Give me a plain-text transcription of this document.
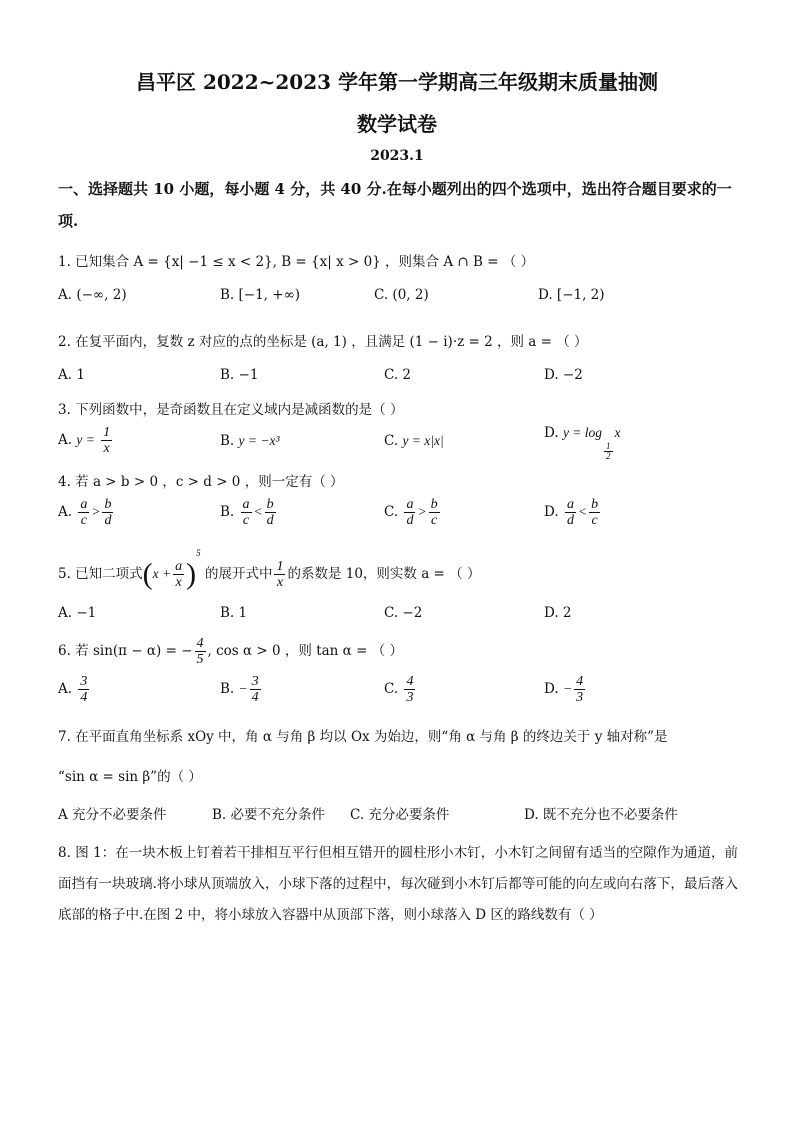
昌平区 2022~2023 学年第一学期高三年级期末质量抽测
数学试卷
2023.1
一、选择题共 10 小题，每小题 4 分，共 40 分.在每小题列出的四个选项中，选出符合题目要求的一
项.
1. 已知集合 A = {x| −1 ≤ x < 2}, B = {x| x > 0} ，则集合 A ∩ B = （ ）
A. (−∞, 2)	B. [−1, +∞)	C. (0, 2)	D. [−1, 2)
2. 在复平面内，复数 z 对应的点的坐标是 (a, 1) ，且满足 (1 − i)·z = 2 ，则 a = （ ）
A. 1	B. −1	C. 2	D. −2
3. 下列函数中，是奇函数且在定义域内是减函数的是（ ）
A. $y = \frac{1}{x}$	B. y = −x³	C. y = x|x|	D. y = log
$\frac{1}{2}$
x
4. 若 a > b > 0 ，c > d > 0 ，则一定有（ ）
A. $\frac{a}{c} > \frac{b}{d}$	B. $\frac{a}{c} < \frac{b}{d}$	C. $\frac{a}{d} > \frac{b}{c}$	D. $\frac{a}{d} < \frac{b}{c}$
5. 已知二项式$(x + \frac{a}{x} )^5$ 的展开式中 $\frac{1}{x}$ 的系数是 10，则实数 a = （ ）
A. −1	B. 1	C. −2	D. 2
6. 若 sin(π − α) = − $\frac{4}{5}$ , cos α > 0 ，则 tan α = （ ）
A. $\frac{3}{4}$	B. − $\frac{3}{4}$	C. $\frac{4}{3}$	D. − $\frac{4}{3}$
7. 在平面直角坐标系 xOy 中，角 α 与角 β 均以 Ox 为始边，则“角 α 与角 β 的终边关于 y 轴对称”是
“sin α = sin β”的（ ）
A 充分不必要条件	B. 必要不充分条件 C. 充分必要条件	D. 既不充分也不必要条件
8. 图 1：在一块木板上钉着若干排相互平行但相互错开的圆柱形小木钉，小木钉之间留有适当的空隙作为通道，前面挡有一块玻璃.将小球从顶端放入，小球下落的过程中，每次碰到小木钉后都等可能的向左或向右落下，最后落入底部的格子中.在图 2 中，将小球放入容器中从顶部下落，则小球落入 D 区的路线数有（ ）
